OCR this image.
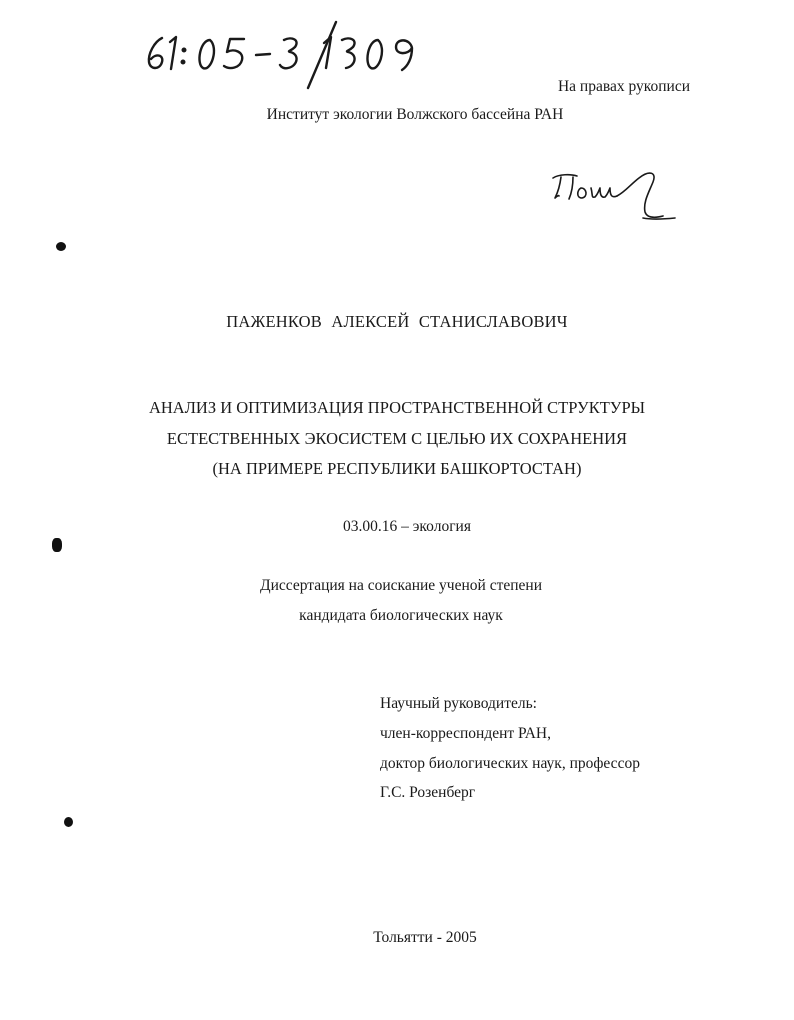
На правах рукописи
Институт экологии Волжского бассейна РАН
ПАЖЕНКОВ АЛЕКСЕЙ СТАНИСЛАВОВИЧ
АНАЛИЗ И ОПТИМИЗАЦИЯ ПРОСТРАНСТВЕННОЙ СТРУКТУРЫ
ЕСТЕСТВЕННЫХ ЭКОСИСТЕМ С ЦЕЛЬЮ ИХ СОХРАНЕНИЯ
(НА ПРИМЕРЕ РЕСПУБЛИКИ БАШКОРТОСТАН)
03.00.16 – экология
Диссертация на соискание ученой степени
кандидата биологических наук
Научный руководитель:
член-корреспондент РАН,
доктор биологических наук, профессор
Г.С. Розенберг
Тольятти - 2005
